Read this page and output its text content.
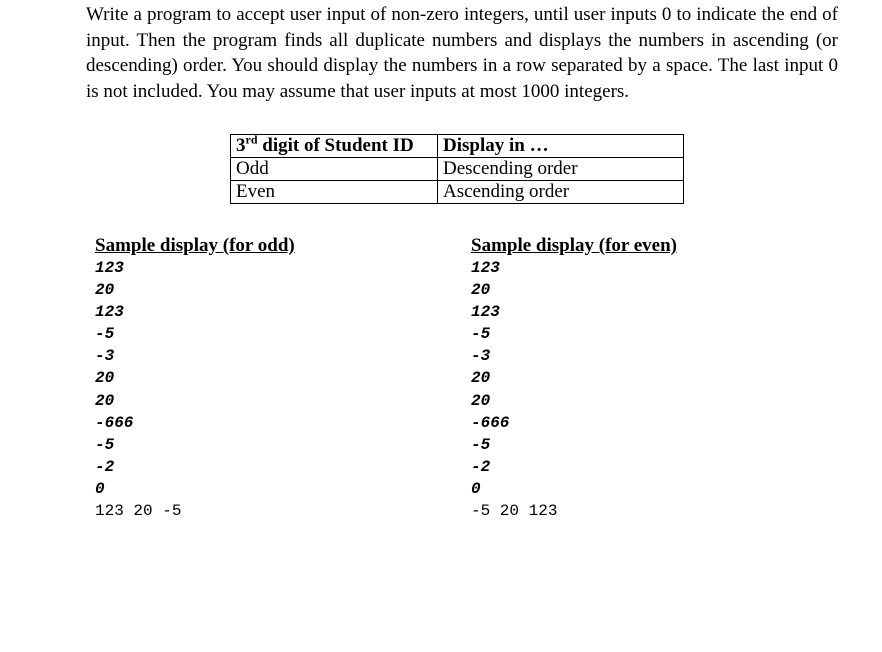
Write a program to accept user input of non-zero integers, until user inputs 0 to indicate the end of input. Then the program finds all duplicate numbers and displays the numbers in ascending (or descending) order. You should display the numbers in a row separated by a space. The last input 0 is not included. You may assume that user inputs at most 1000 integers.
3rd digit of Student ID	Display in …
Odd	Descending order
Even	Ascending order
Sample display (for odd)
123
20
123
-5
-3
20
20
-666
-5
-2
0
123 20 -5
Sample display (for even)
123
20
123
-5
-3
20
20
-666
-5
-2
0
-5 20 123
